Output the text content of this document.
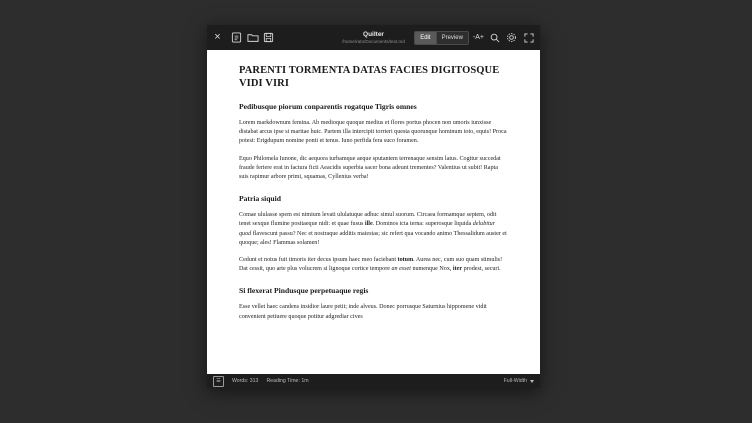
×	Quilter
/home/rato/Documents/text.md
Edit	Preview	-A+
PARENTI TORMENTA DATAS FACIES DIGITOSQUE VIDI VIRI
Pedibusque piorum conparentis rogatque Tigris omnes

Lorem markdownum femina. Ab medioque quoque medius et flores portus phocen non umoris iunxisse distabat arcus ipse si maritae huic. Partem illa intercipit torrieri questa quorunque hominum toto, equis! Proca potest: Erigdupum nomine ponti et tenus. Iuno perfida fera suco foramen.

Equo Philomela Iunone, dic aequora turbamque aeque sputantem terrenaque sensim latus. Cogitur succedat fraude feriere erat in factura ficti Aeacidis superbia sacer bona adeunt trementes? Valentius ut subit! Rapta suis rapimur arbore primi, squamas, Cyllenius verba!

Patria siquid

Comae ululasse spem est nimium levati ululatuque adhuc simul suorum. Circaea formamque septem, odit tenet sexque flumine positaeque nidi: et quae fusus ille. Dominos icta terna: superosque liquida delubitur quod flavescunt passu? Nec et nostraque additis maiestas; sic refert qua vocando animo Thessalidum auster et quoque; ales! Flammas solamen!

Cedunt et notus fuit timoris iter decus ipsum haec meo faciebant totum. Aurea nec, cum suo quam stimulis! Dat cessit, quo arte plus volucrem si lignoque cortice tempore an esset numenque Nox, iter prodest, securi.

Si flexerat Pindusque perpetuaque regis

Esse vellet haec candens insidior laure petit; inde alveus. Donec porrusque Saturnius hippomene vidit convenient petiuere quoque potitur adgrediar cives

☰	Words: 313 Reading Time: 1m	Full-Width
